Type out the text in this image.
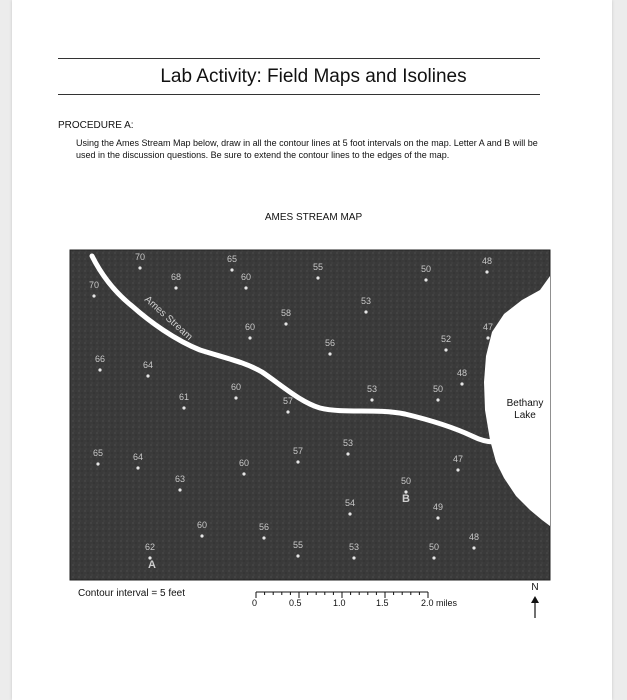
Lab Activity: Field Maps and Isolines
PROCEDURE A:
Using the Ames Stream Map below, draw in all the contour lines at 5 foot intervals on the map. Letter A and B will be used in the discussion questions. Be sure to extend the contour lines to the edges of the map.
AMES STREAM MAP
Ames Stream
70
70
68
65
60
55	50
48
58
53
60	47
56	52
66
64
60
61	57
53	50
48
65	64
53
57
60	47
63	50
54	49
60	56
62	55	53	50
48
A
B
Bethany
Lake
N
Contour interval = 5 feet
0	0.5	1.0	1.5	2.0 miles
